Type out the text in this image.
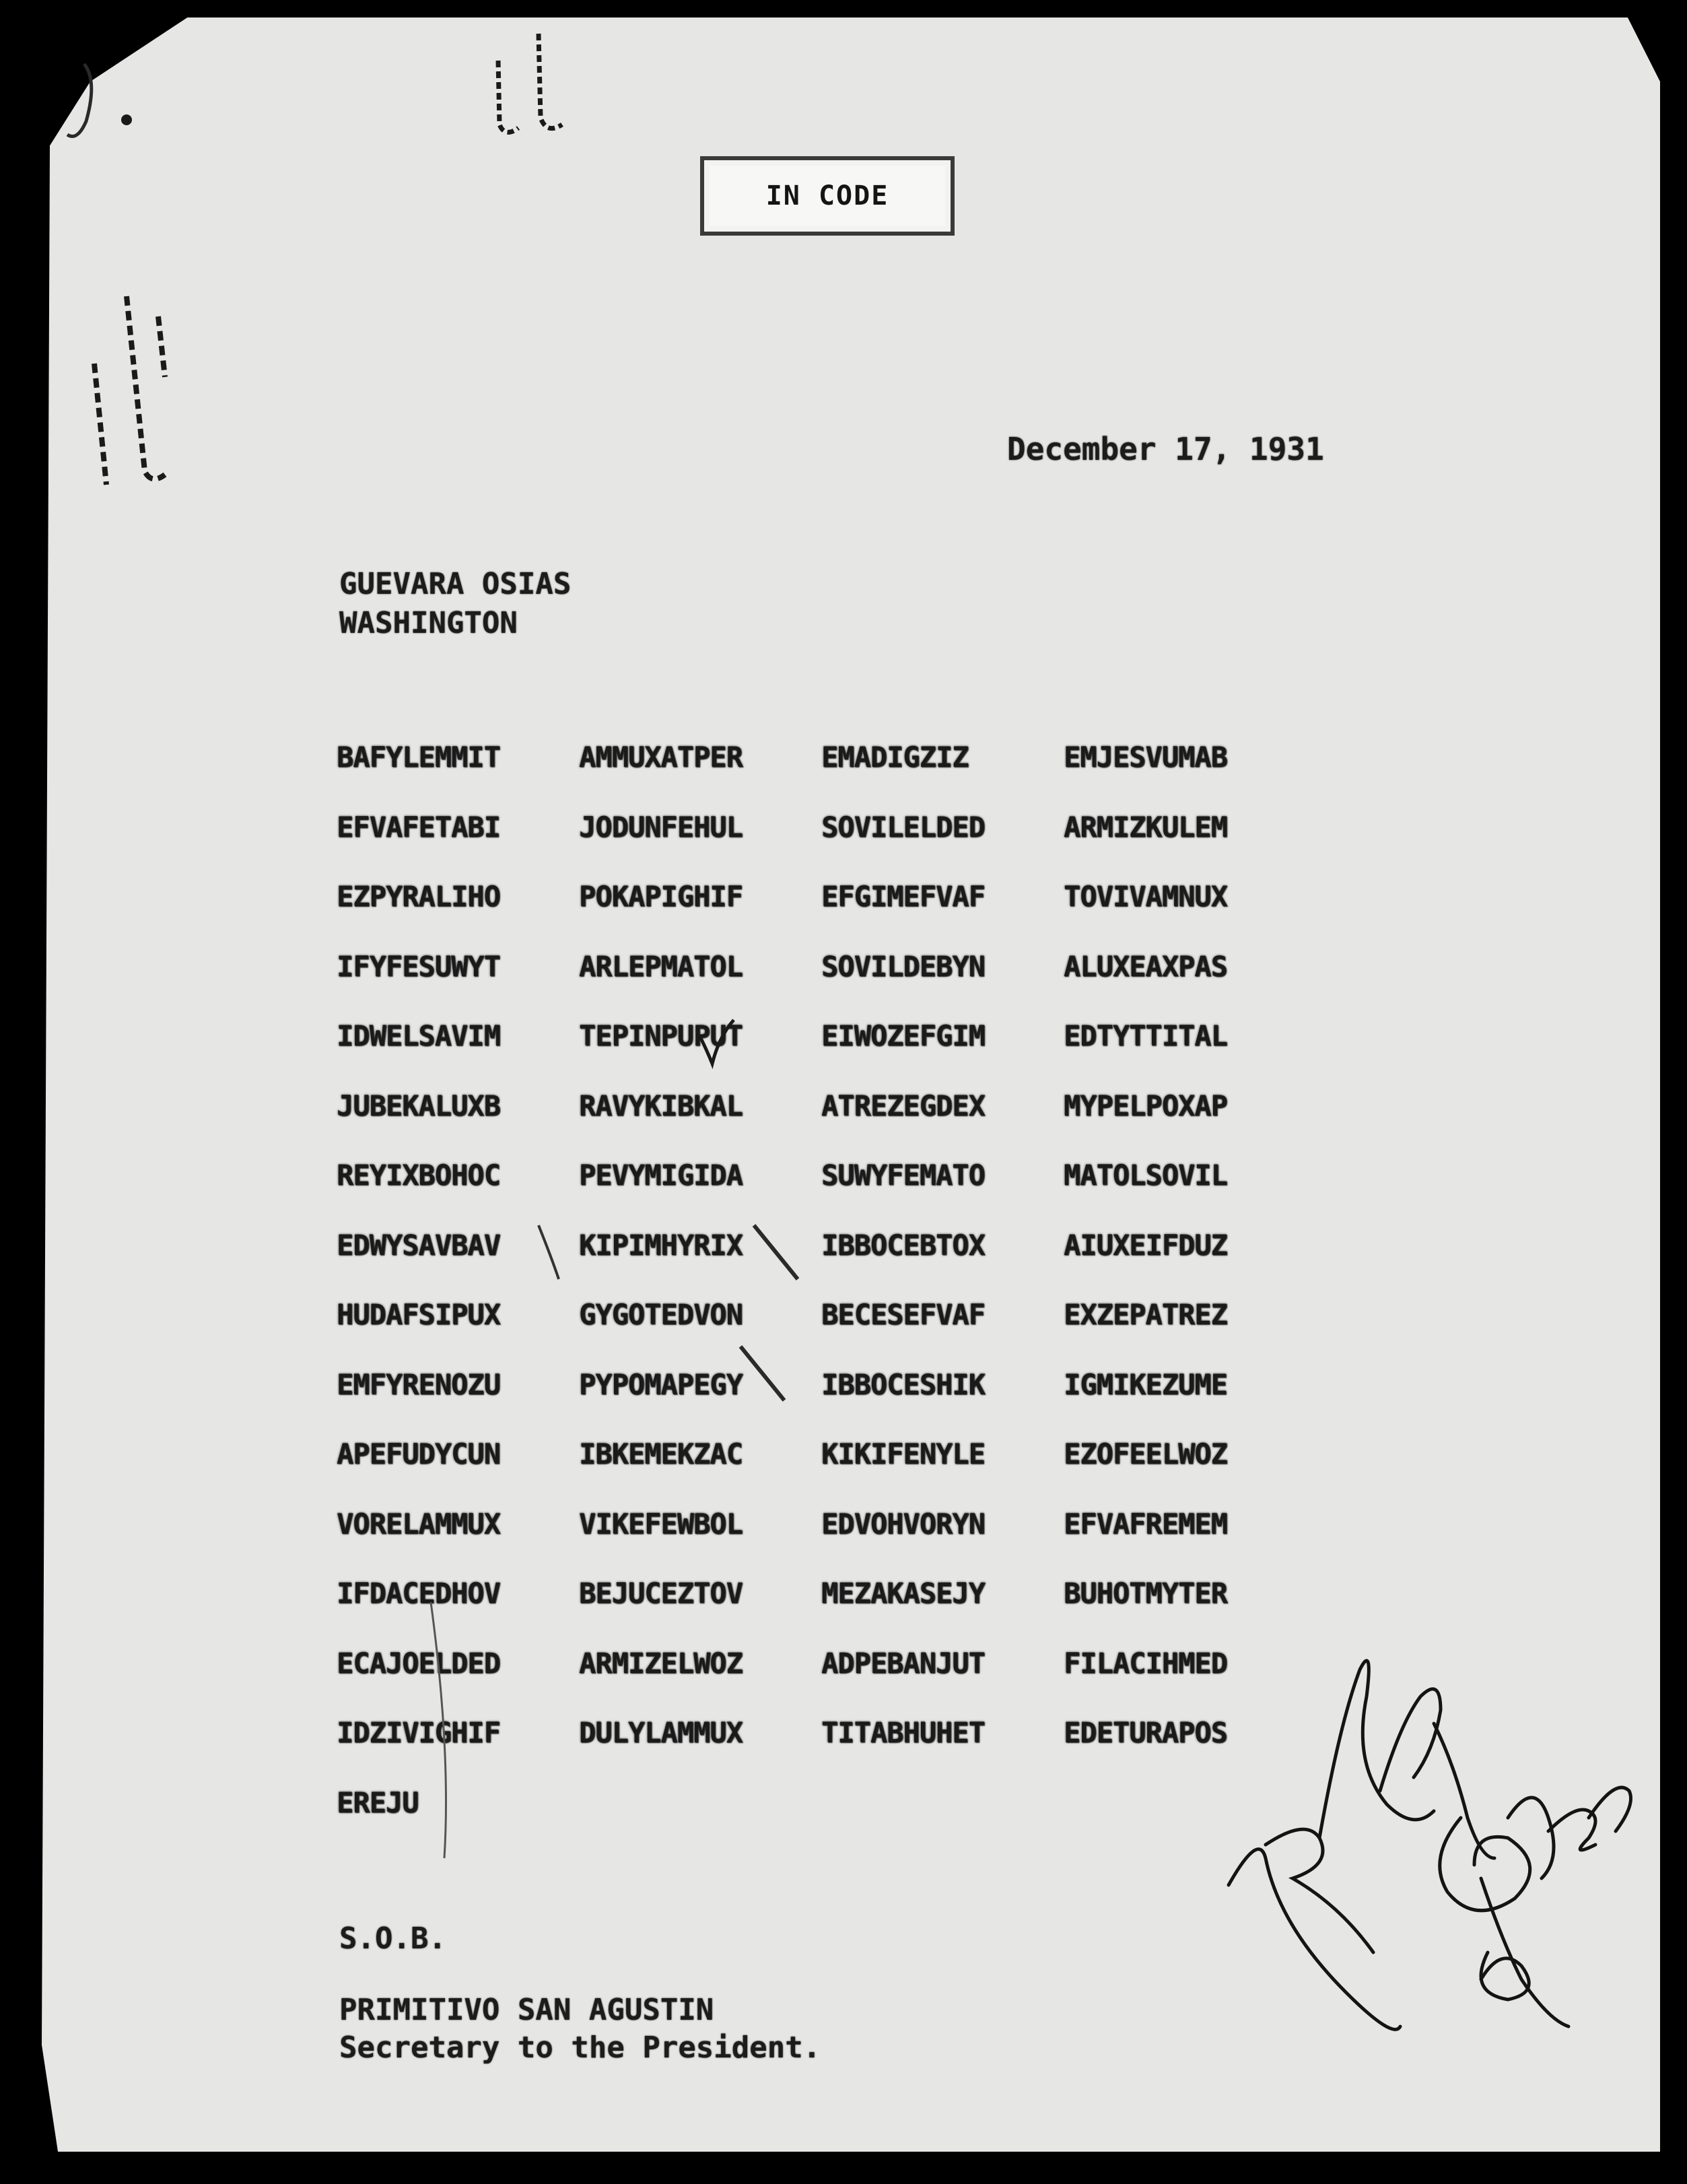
IN CODE
December 17, 1931
GUEVARA OSIAS
WASHINGTON
BAFYLEMMIT	AMMUXATPER	EMADIGZIZ	EMJESVUMAB
EFVAFETABI	JODUNFEHUL	SOVILELDED	ARMIZKULEM
EZPYRALIHO	POKAPIGHIF	EFGIMEFVAF	TOVIVAMNUX
IFYFESUWYT	ARLEPMATOL	SOVILDEBYN	ALUXEAXPAS
IDWELSAVIM	TEPINPUPUT	EIWOZEFGIM	EDTYTTITAL
JUBEKALUXB	RAVYKIBKAL	ATREZEGDEX	MYPELPOXAP
REYIXBOHOC	PEVYMIGIDA	SUWYFEMATO	MATOLSOVIL
EDWYSAVBAV	KIPIMHYRIX	IBBOCEBTOX	AIUXEIFDUZ
HUDAFSIPUX	GYGOTEDVON	BECESEFVAF	EXZEPATREZ
EMFYRENOZU	PYPOMAPEGY	IBBOCESHIK	IGMIKEZUME
APEFUDYCUN	IBKEMEKZAC	KIKIFENYLE	EZOFEELWOZ
VORELAMMUX	VIKEFEWBOL	EDVOHVORYN	EFVAFREMEM
IFDACEDHOV	BEJUCEZTOV	MEZAKASEJY	BUHOTMYTER
ECAJOELDED	ARMIZELWOZ	ADPEBANJUT	FILACIHMED
IDZIVIGHIF	DULYLAMMUX	TITABHUHET	EDETURAPOS
EREJU
S.O.B.
PRIMITIVO SAN AGUSTIN
Secretary to the President.
